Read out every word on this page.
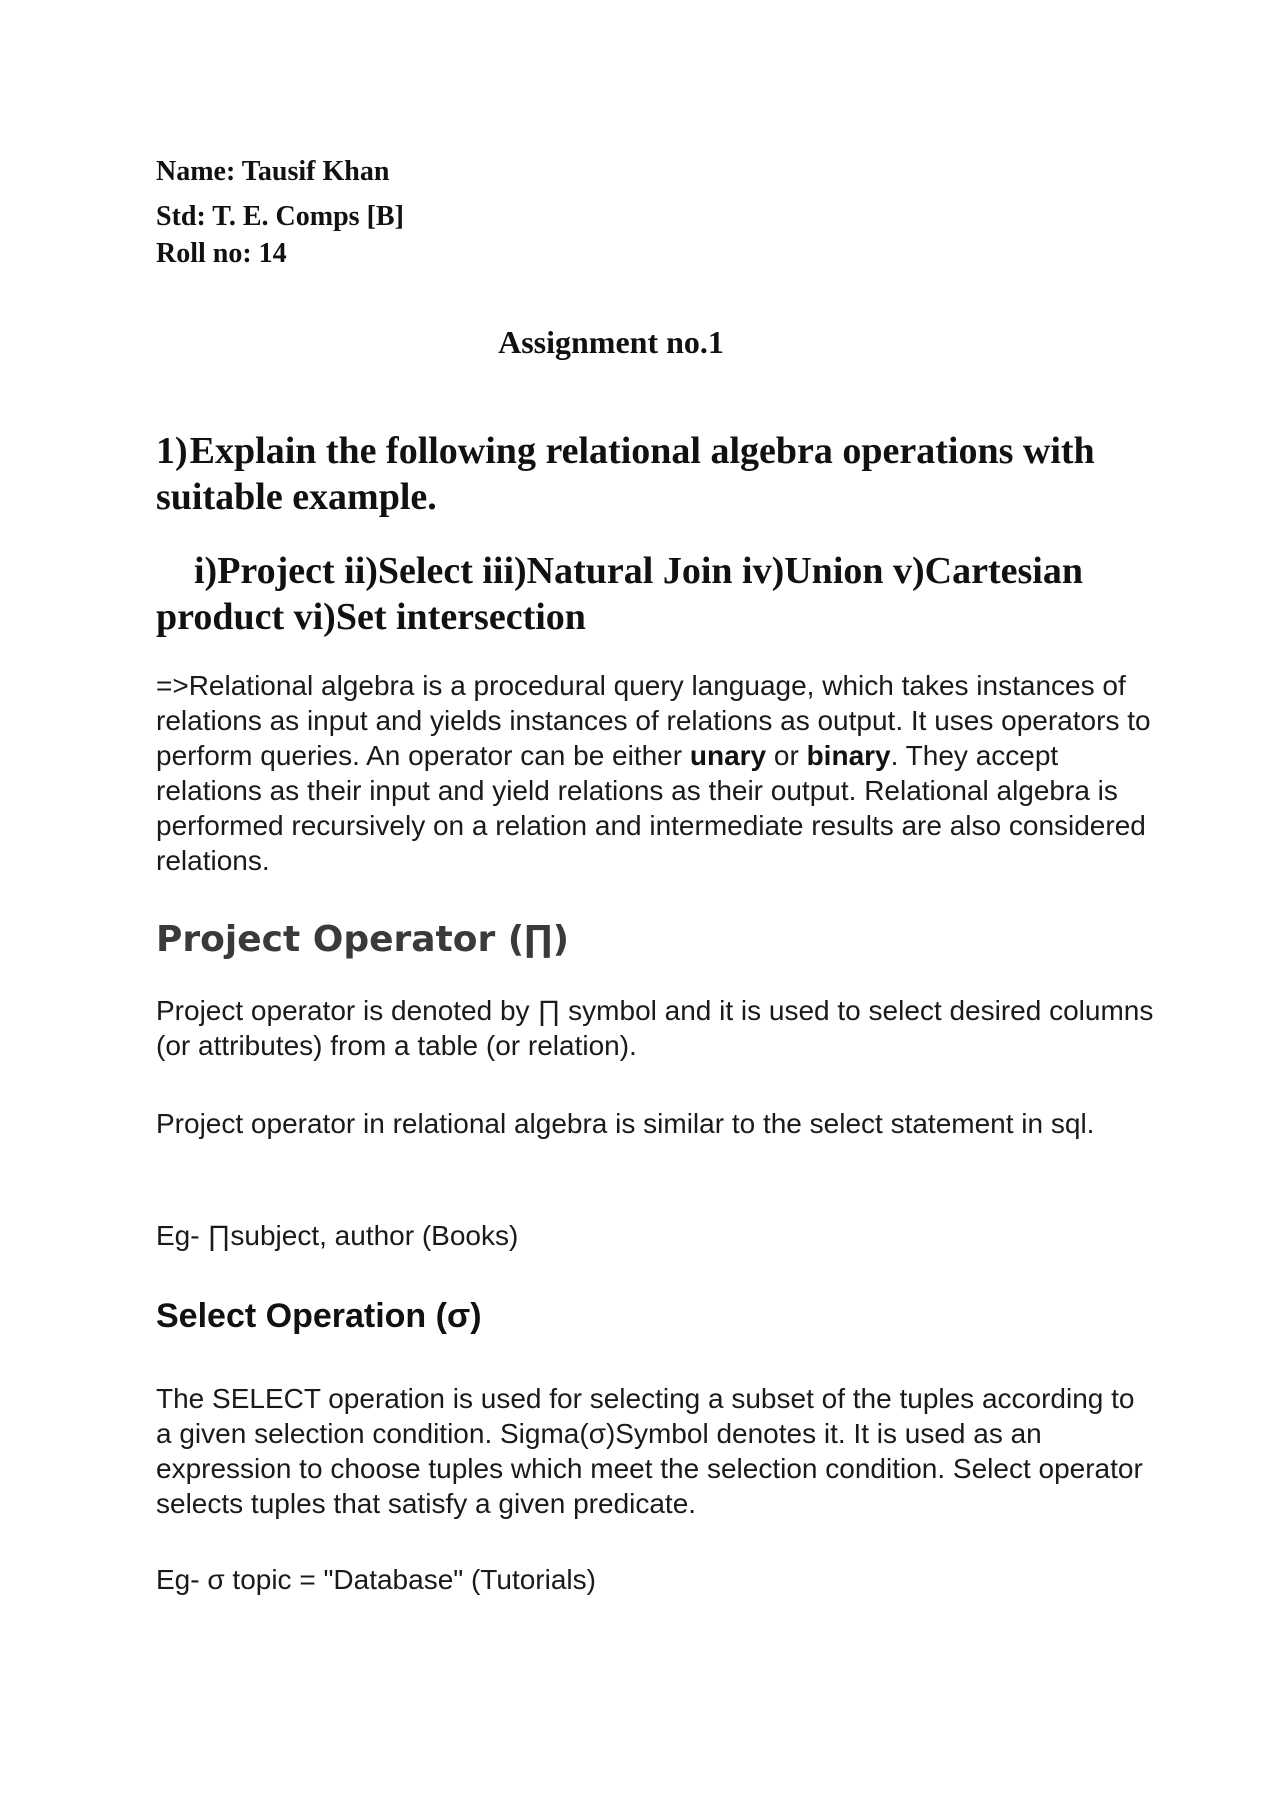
Name: Tausif Khan
Std: T. E. Comps [B]
Roll no: 14
Assignment no.1
1)Explain the following relational algebra operations with suitable example.
i)Project ii)Select iii)Natural Join iv)Union v)Cartesian product vi)Set intersection
=>Relational algebra is a procedural query language, which takes instances of relations as input and yields instances of relations as output. It uses operators to perform queries. An operator can be either unary or binary. They accept relations as their input and yield relations as their output. Relational algebra is performed recursively on a relation and intermediate results are also considered relations.
Project Operator (∏)
Project operator is denoted by ∏ symbol and it is used to select desired columns (or attributes) from a table (or relation).
Project operator in relational algebra is similar to the select statement in sql.
Eg- ∏subject, author (Books)
Select Operation (σ)
The SELECT operation is used for selecting a subset of the tuples according to a given selection condition. Sigma(σ)Symbol denotes it. It is used as an expression to choose tuples which meet the selection condition. Select operator selects tuples that satisfy a given predicate.
Eg- σ topic = "Database" (Tutorials)
